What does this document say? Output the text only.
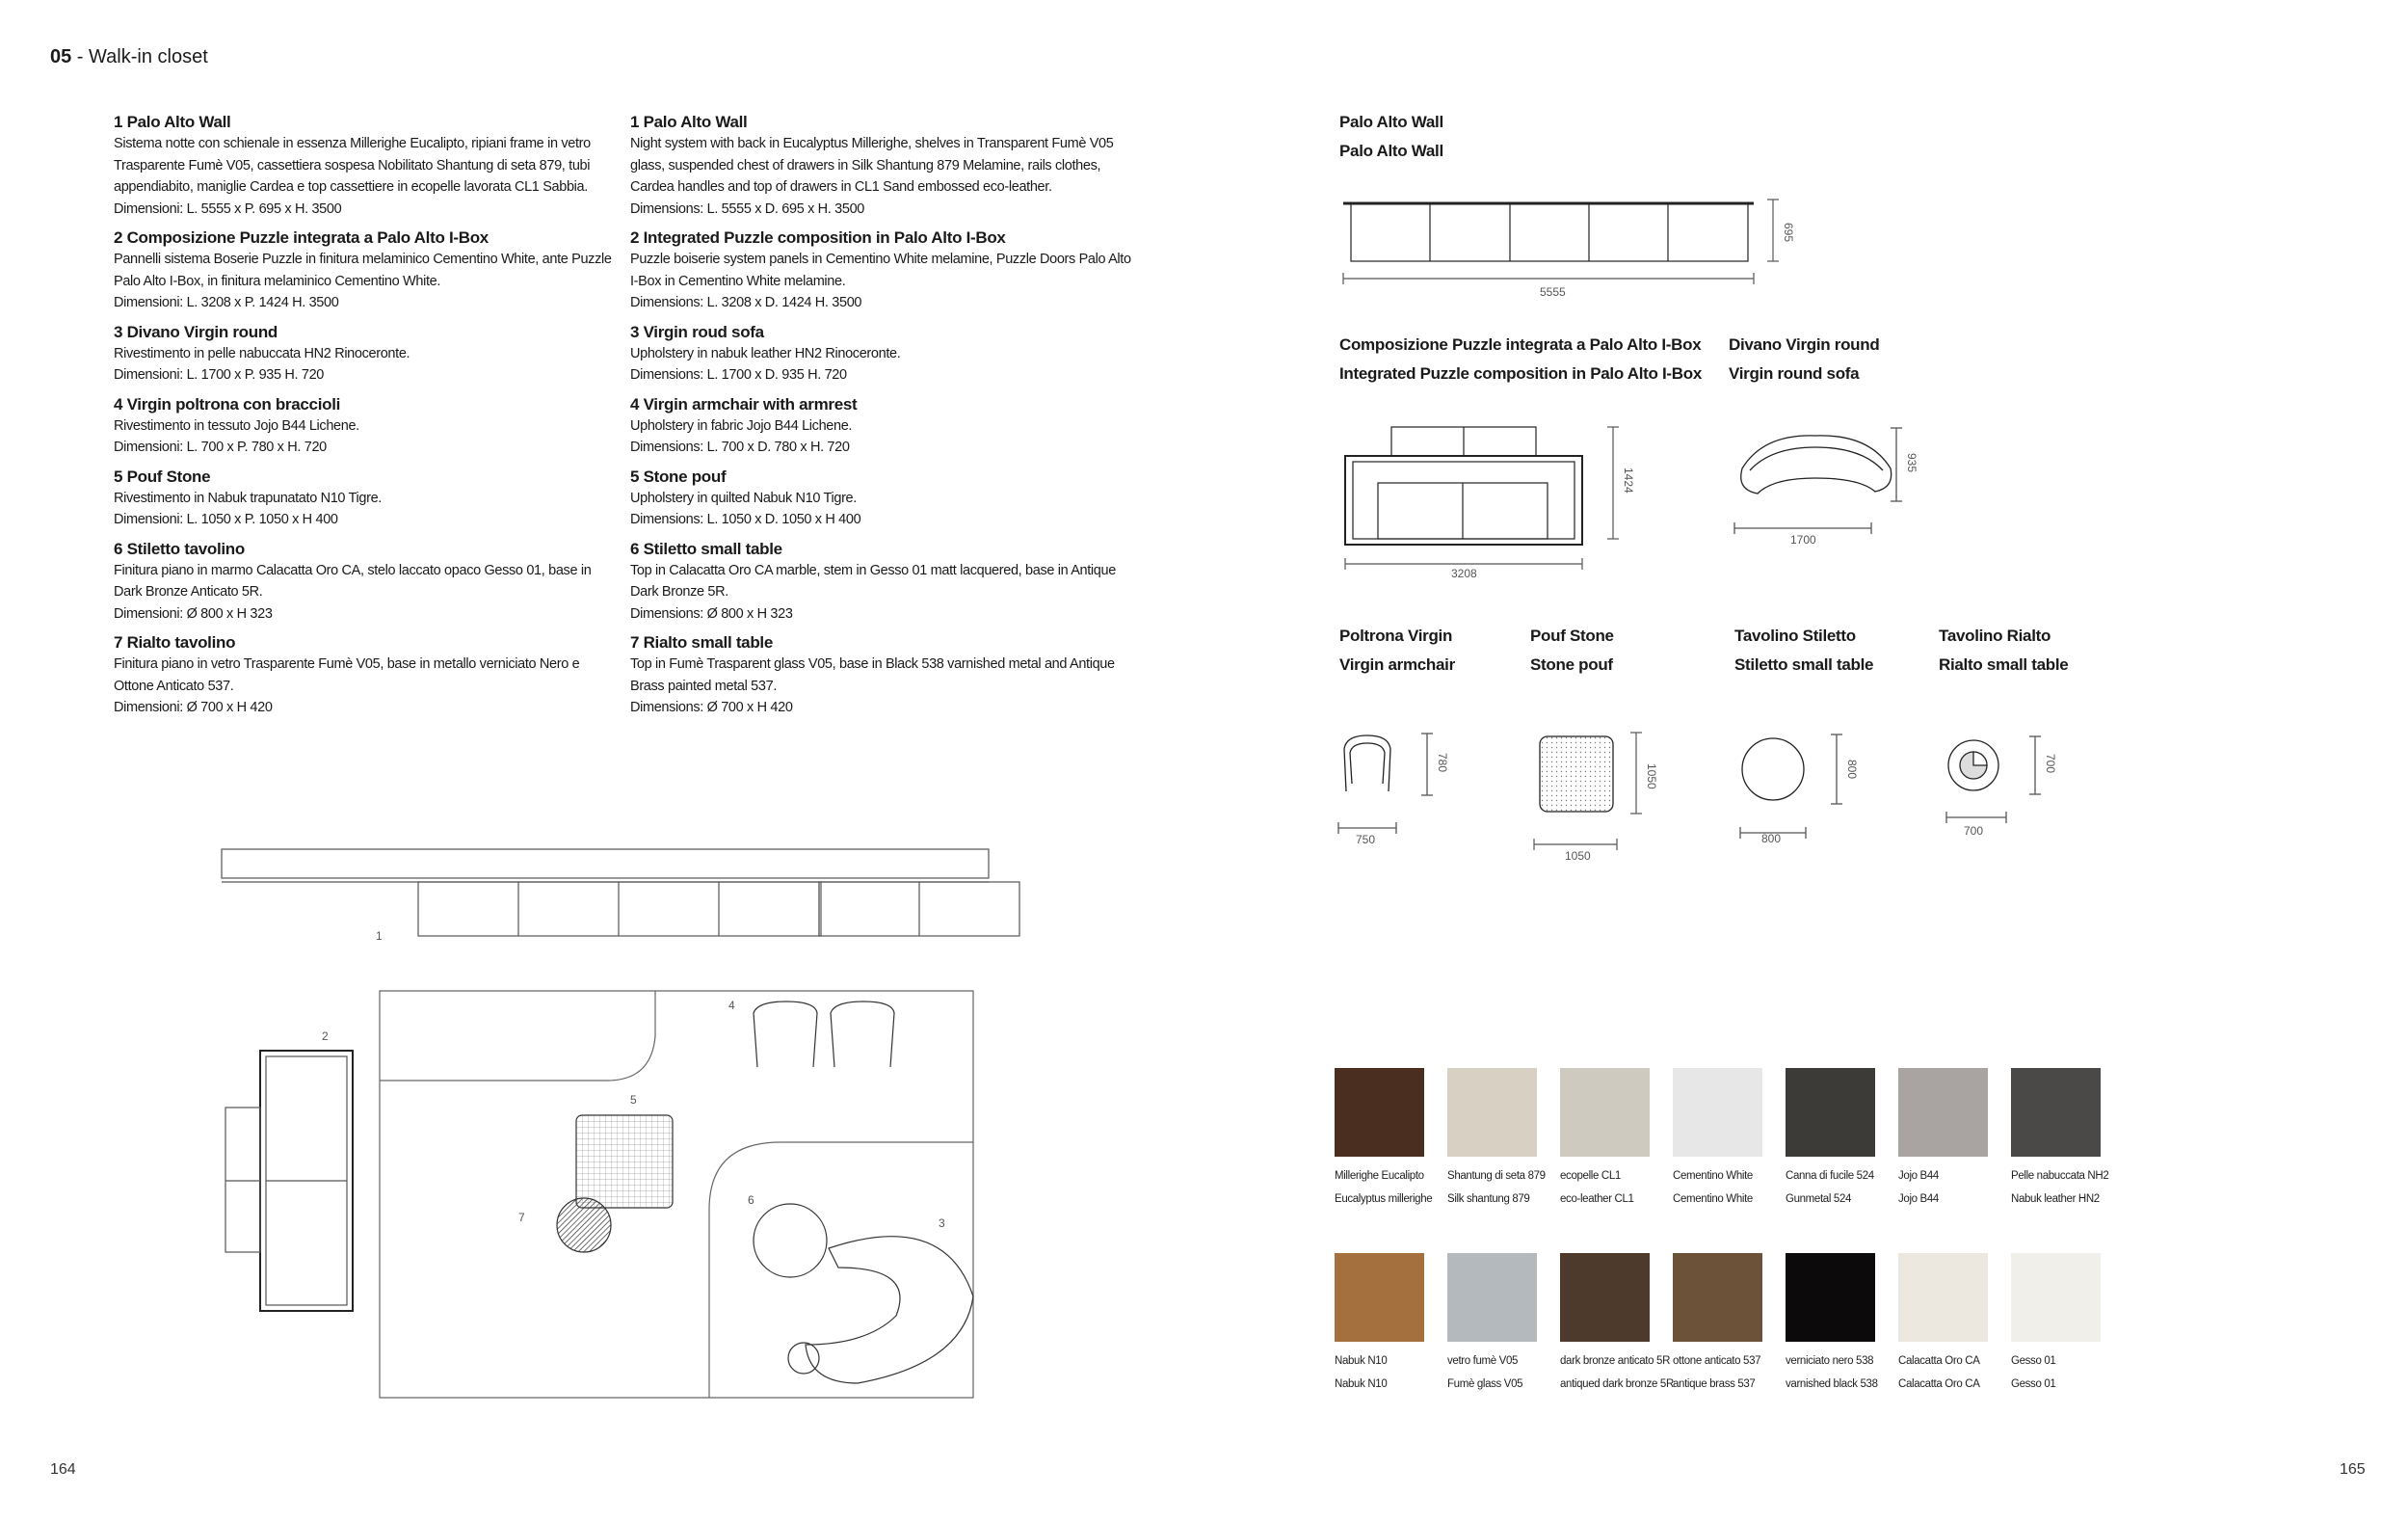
05 - Walk-in closet
1 Palo Alto Wall
Sistema notte con schienale in essenza Millerighe Eucalipto, ripiani frame in vetro Trasparente Fumè V05, cassettiera sospesa Nobilitato Shantung di seta 879, tubi appendiabito, maniglie Cardea e top cassettiere in ecopelle lavorata CL1 Sabbia.
Dimensioni: L. 5555 x P. 695 x H. 3500
2 Composizione Puzzle integrata a Palo Alto I-Box
Pannelli sistema Boserie Puzzle in finitura melaminico Cementino White, ante Puzzle Palo Alto I-Box, in finitura melaminico Cementino White.
Dimensioni: L. 3208 x P. 1424 H. 3500
3 Divano Virgin round
Rivestimento in pelle nabuccata HN2 Rinoceronte.
Dimensioni: L. 1700 x P. 935 H. 720
4 Virgin poltrona con braccioli
Rivestimento in tessuto Jojo B44 Lichene.
Dimensioni: L. 700 x P. 780 x H. 720
5 Pouf Stone
Rivestimento in Nabuk trapunatato N10 Tigre.
Dimensioni: L. 1050 x P. 1050 x H 400
6 Stiletto tavolino
Finitura piano in marmo Calacatta Oro CA, stelo laccato opaco Gesso 01, base in Dark Bronze Anticato 5R.
Dimensioni: Ø 800 x H 323
7 Rialto tavolino
Finitura piano in vetro Trasparente Fumè V05, base in metallo verniciato Nero e Ottone Anticato 537.
Dimensioni: Ø 700 x H 420
1 Palo Alto Wall
Night system with back in Eucalyptus Millerighe, shelves in Transparent Fumè V05 glass, suspended chest of drawers in Silk Shantung 879 Melamine, rails clothes, Cardea handles and top of drawers in CL1 Sand embossed eco-leather.
Dimensions: L. 5555 x D. 695 x H. 3500
2 Integrated Puzzle composition in Palo Alto I-Box
Puzzle boiserie system panels in Cementino White melamine, Puzzle Doors Palo Alto I-Box in Cementino White melamine.
Dimensions: L. 3208 x D. 1424 H. 3500
3 Virgin roud sofa
Upholstery in nabuk leather HN2 Rinoceronte.
Dimensions: L. 1700 x D. 935 H. 720
4 Virgin armchair with armrest
Upholstery in fabric Jojo B44 Lichene.
Dimensions: L. 700 x D. 780 x H. 720
5 Stone pouf
Upholstery in quilted Nabuk N10 Tigre.
Dimensions: L. 1050 x D. 1050 x H 400
6 Stiletto small table
Top in Calacatta Oro CA marble, stem in Gesso 01 matt lacquered, base in Antique Dark Bronze 5R.
Dimensions: Ø 800 x H 323
7 Rialto small table
Top in Fumè Trasparent glass V05, base in Black 538 varnished metal and Antique Brass painted metal 537.
Dimensions: Ø 700 x H 420
Palo Alto Wall
Palo Alto Wall
5555
695
Composizione Puzzle integrata a Palo Alto I-Box
Integrated Puzzle composition in Palo Alto I-Box
3208
1424
Divano Virgin round
Virgin round sofa
1700
935
Poltrona Virgin
Virgin armchair
Pouf Stone
Stone pouf
Tavolino Stiletto
Stiletto small table
Tavolino Rialto
Rialto small table
750
780
1050
1050
800
800
700
700
1
2
3
4
5
6
7
Millerighe Eucalipto
Eucalyptus millerighe
Shantung di seta 879
Silk shantung 879
ecopelle CL1
eco-leather CL1
Cementino White
Cementino White
Canna di fucile 524
Gunmetal 524
Jojo B44
Jojo B44
Pelle nabuccata NH2
Nabuk leather HN2
Nabuk N10
Nabuk N10
vetro fumè V05
Fumè glass V05
dark bronze anticato 5R
antiqued dark bronze 5R
ottone anticato 537
antique brass 537
verniciato nero 538
varnished black 538
Calacatta Oro CA
Calacatta Oro CA
Gesso 01
Gesso 01
164	165
